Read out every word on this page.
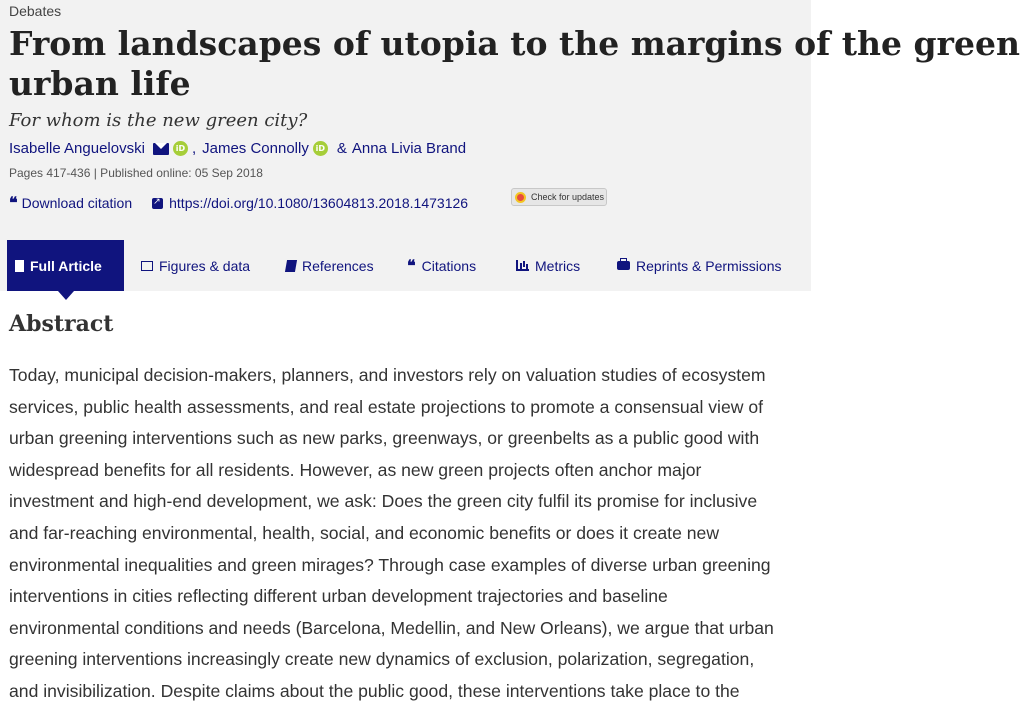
Debates
From landscapes of utopia to the margins of the green
urban life
For whom is the new green city?
Isabelle Anguelovski	iD , James Connolly iD & Anna Livia Brand
Pages 417-436 | Published online: 05 Sep 2018
❝ Download citation
↗	https://doi.org/10.1080/13604813.2018.1473126	Check for updates
Full Article	Figures & data	References ❝ Citations	Metrics	Reprints & Permissions
Abstract

Today, municipal decision-makers, planners, and investors rely on valuation studies of ecosystem
services, public health assessments, and real estate projections to promote a consensual view of
urban greening interventions such as new parks, greenways, or greenbelts as a public good with
widespread benefits for all residents. However, as new green projects often anchor major
investment and high-end development, we ask: Does the green city fulfil its promise for inclusive
and far-reaching environmental, health, social, and economic benefits or does it create new
environmental inequalities and green mirages? Through case examples of diverse urban greening
interventions in cities reflecting different urban development trajectories and baseline
environmental conditions and needs (Barcelona, Medellin, and New Orleans), we argue that urban
greening interventions increasingly create new dynamics of exclusion, polarization, segregation,
and invisibilization. Despite claims about the public good, these interventions take place to the
